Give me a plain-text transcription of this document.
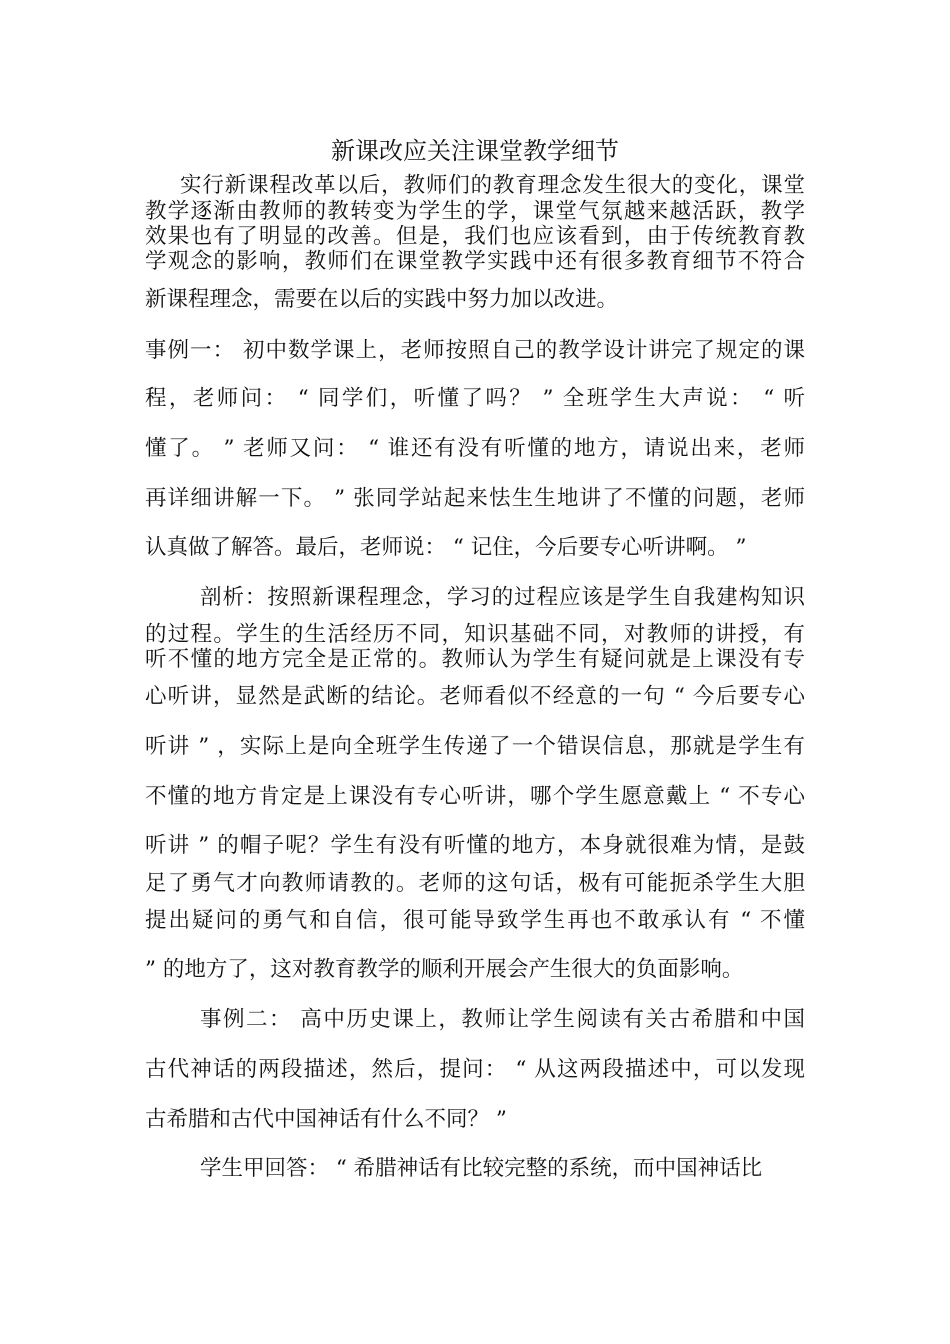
新课改应关注课堂教学细节
实行新课程改革以后，教师们的教育理念发生很大的变化，课堂
教学逐渐由教师的教转变为学生的学，课堂气氛越来越活跃，教学
效果也有了明显的改善。但是，我们也应该看到，由于传统教育教
学观念的影响，教师们在课堂教学实践中还有很多教育细节不符合
新课程理念，需要在以后的实践中努力加以改进。
事例一： 初中数学课上，老师按照自己的教学设计讲完了规定的课
程，老师问： “ 同学们，听懂了吗？ ” 全班学生大声说： “ 听
懂了。 ” 老师又问： “ 谁还有没有听懂的地方，请说出来，老师
再详细讲解一下。 ” 张同学站起来怯生生地讲了不懂的问题，老师
认真做了解答。最后，老师说： “ 记住，今后要专心听讲啊。 ”
剖析：按照新课程理念，学习的过程应该是学生自我建构知识
的过程。学生的生活经历不同，知识基础不同，对教师的讲授，有
听不懂的地方完全是正常的。教师认为学生有疑问就是上课没有专
心听讲，显然是武断的结论。老师看似不经意的一句 “ 今后要专心
听讲 ” ，实际上是向全班学生传递了一个错误信息，那就是学生有
不懂的地方肯定是上课没有专心听讲，哪个学生愿意戴上 “ 不专心
听讲 ” 的帽子呢？学生有没有听懂的地方，本身就很难为情，是鼓
足了勇气才向教师请教的。老师的这句话，极有可能扼杀学生大胆
提出疑问的勇气和自信，很可能导致学生再也不敢承认有 “ 不懂
” 的地方了，这对教育教学的顺利开展会产生很大的负面影响。
事例二： 高中历史课上，教师让学生阅读有关古希腊和中国
古代神话的两段描述，然后，提问： “ 从这两段描述中，可以发现
古希腊和古代中国神话有什么不同？ ”
学生甲回答： “ 希腊神话有比较完整的系统，而中国神话比
